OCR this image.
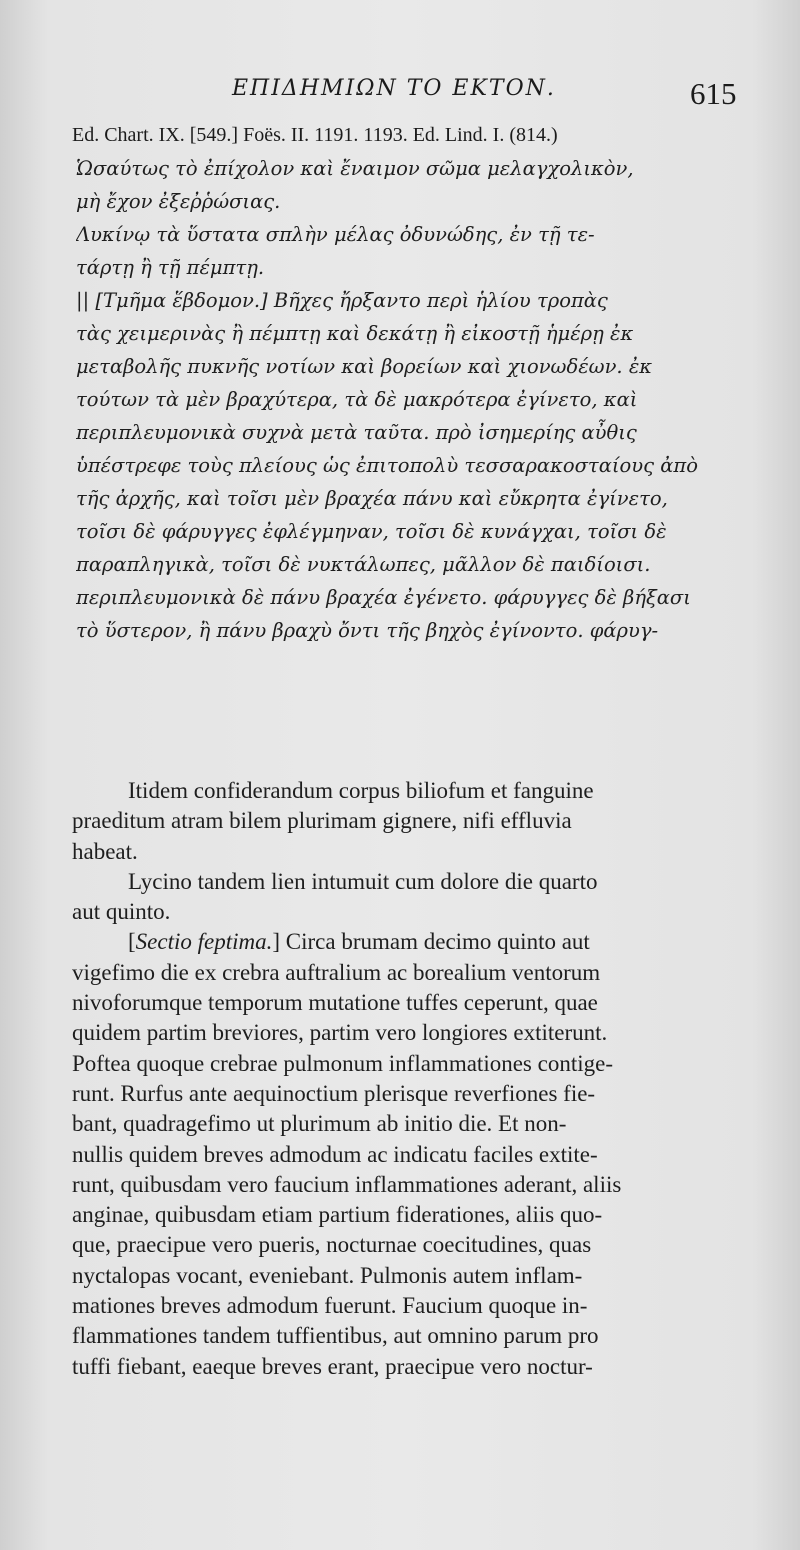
ΕΠΙΔΗΜΙΩΝ ΤΟ ΕΚΤΟΝ.	615
Ed. Chart. IX. [549.] Foës. II. 1191. 1193. Ed. Lind. I. (814.)
Ὡσαύτως τὸ ἐπίχολον καὶ ἔναιμον σῶμα μελαγχολικὸν,
μὴ ἔχον ἐξεῤῥώσιας.
Λυκίνῳ τὰ ὕστατα σπλὴν μέλας ὀδυνώδης, ἐν τῇ τε-
τάρτῃ ἢ τῇ πέμπτῃ.
|| [Τμῆμα ἕβδομον.] Βῆχες ἤρξαντο περὶ ἡλίου τροπὰς
τὰς χειμερινὰς ἢ πέμπτῃ καὶ δεκάτῃ ἢ εἰκοστῇ ἡμέρῃ ἐκ
μεταβολῆς πυκνῆς νοτίων καὶ βορείων καὶ χιονωδέων. ἐκ
τούτων τὰ μὲν βραχύτερα, τὰ δὲ μακρότερα ἐγίνετο, καὶ
περιπλευμονικὰ συχνὰ μετὰ ταῦτα. πρὸ ἰσημερίης αὖθις
ὑπέστρεφε τοὺς πλείους ὡς ἐπιτοπολὺ τεσσαρακοσταίους ἀπὸ
τῆς ἀρχῆς, καὶ τοῖσι μὲν βραχέα πάνυ καὶ εὔκρητα ἐγίνετο,
τοῖσι δὲ φάρυγγες ἐφλέγμηναν, τοῖσι δὲ κυνάγχαι, τοῖσι δὲ
παραπληγικὰ, τοῖσι δὲ νυκτάλωπες, μᾶλλον δὲ παιδίοισι.
περιπλευμονικὰ δὲ πάνυ βραχέα ἐγένετο. φάρυγγες δὲ βήξασι
τὸ ὕστερον, ἢ πάνυ βραχὺ ὄντι τῆς βηχὸς ἐγίνοντο. φάρυγ-
Itidem confiderandum corpus biliofum et fanguine
praeditum atram bilem plurimam gignere, nifi effluvia
habeat.
Lycino tandem lien intumuit cum dolore die quarto
aut quinto.
[Sectio feptima.] Circa brumam decimo quinto aut
vigefimo die ex crebra auftralium ac borealium ventorum
nivoforumque temporum mutatione tuffes ceperunt, quae
quidem partim breviores, partim vero longiores extiterunt.
Poftea quoque crebrae pulmonum inflammationes contige-
runt. Rurfus ante aequinoctium plerisque reverfiones fie-
bant, quadragefimo ut plurimum ab initio die. Et non-
nullis quidem breves admodum ac indicatu faciles extite-
runt, quibusdam vero faucium inflammationes aderant, aliis
anginae, quibusdam etiam partium fiderationes, aliis quo-
que, praecipue vero pueris, nocturnae coecitudines, quas
nyctalopas vocant, eveniebant. Pulmonis autem inflam-
mationes breves admodum fuerunt. Faucium quoque in-
flammationes tandem tuffientibus, aut omnino parum pro
tuffi fiebant, eaeque breves erant, praecipue vero noctur-
